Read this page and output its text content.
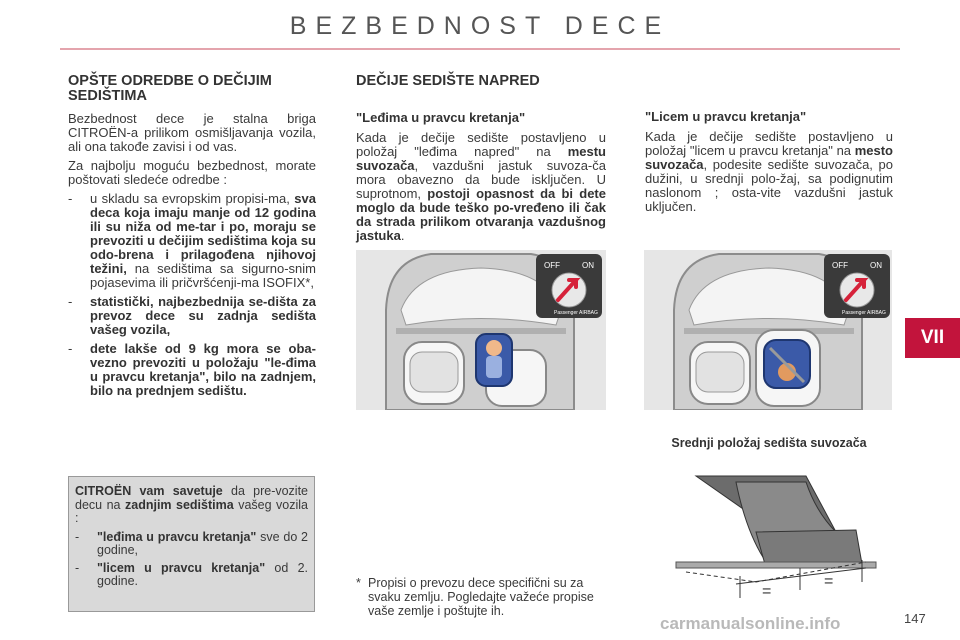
BEZBEDNOST DECE
VII
OPŠTE ODREDBE O DEČIJIM SEDIŠTIMA

Bezbednost dece je stalna briga CITROËN-a prilikom osmišljavanja vozila, ali ona takođe zavisi i od vas.

Za najbolju moguću bezbednost, morate poštovati sledeće odredbe :

-	u skladu sa evropskim propisi-ma, sva deca koja imaju manje od 12 godina ili su niža od me-tar i po, moraju se prevoziti u dečijim sedištima koja su odo-brena i prilagođena njihovoj težini, na sedištima sa sigurno-snim pojasevima ili pričvršćenji-ma ISOFIX*,
-	statistički, najbezbednija se-dišta za prevoz dece su zadnja sedišta vašeg vozila,
-	dete lakše od 9 kg mora se oba-vezno prevoziti u položaju "le-đima u pravcu kretanja", bilo na zadnjem, bilo na prednjem sedištu.

CITROËN vam savetuje da pre-vozite decu na zadnjim sedištima vašeg vozila :

-	"leđima u pravcu kretanja" sve do 2 godine,
-	"licem u pravcu kretanja" od 2. godine.
DEČIJE SEDIŠTE NAPRED
"Leđima u pravcu kretanja"

Kada je dečije sedište postavljeno u položaj "leđima napred" na mestu suvozača, vazdušni jastuk suvoza-ča mora obavezno da bude isključen. U suprotnom, postoji opasnost da bi dete moglo da bude teško po-vređeno ili čak da strada prilikom otvaranja vazdušnog jastuka.

"Licem u pravcu kretanja"

Kada je dečije sedište postavljeno u položaj "licem u pravcu kretanja" na mesto suvozača, podesite sedište suvozača, po dužini, u srednji polo-žaj, sa podignutim naslonom ; osta-vite vazdušni jastuk uključen.

OFF	ON
Passenger AIRBAG
OFF	ON
Passenger AIRBAG
Srednji položaj sedišta suvozača
=
=
* Propisi o prevozu dece specifični su za svaku zemlju. Pogledajte važeće propise vaše zemlje i poštujte ih.
carmanualsonline.info	147
